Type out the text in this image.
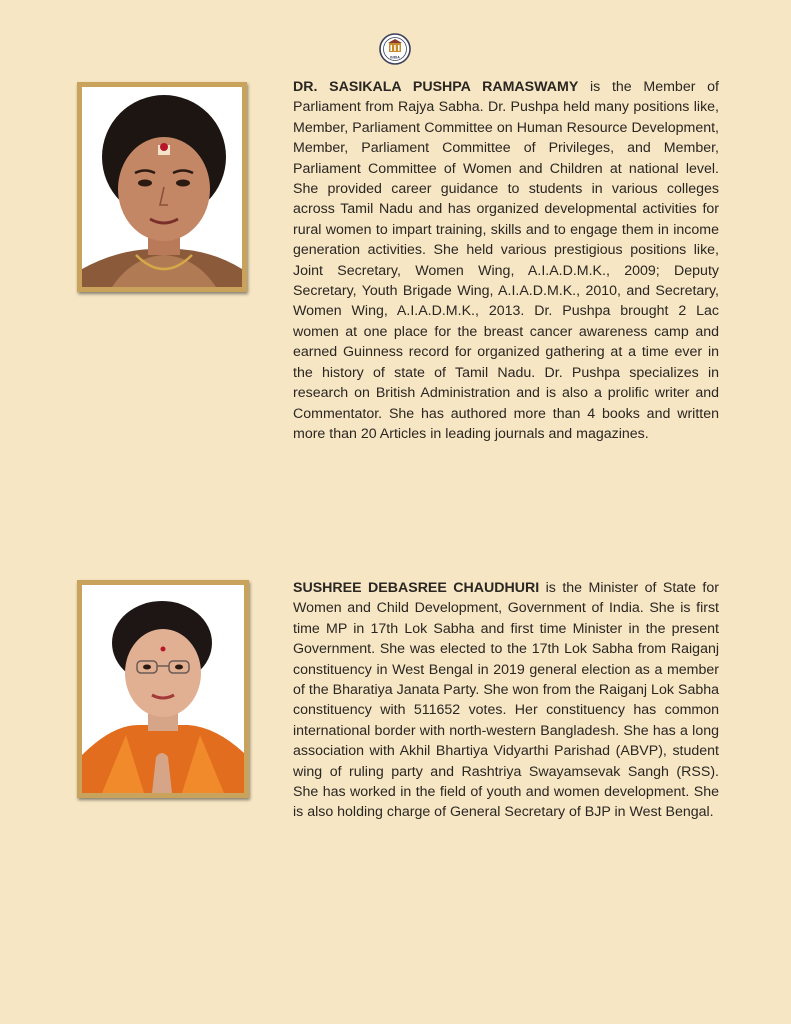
INDIA

DR. SASIKALA PUSHPA RAMASWAMY is the Member of Parliament from Rajya Sabha. Dr. Pushpa held many positions like, Member, Parliament Committee on Human Resource Development, Member, Parliament Committee of Privileges, and Member, Parliament Committee of Women and Children at national level. She provided career guidance to students in various colleges across Tamil Nadu and has organized developmental activities for rural women to impart training, skills and to engage them in income generation activities. She held various prestigious positions like, Joint Secretary, Women Wing, A.I.A.D.M.K., 2009; Deputy Secretary, Youth Brigade Wing, A.I.A.D.M.K., 2010, and Secretary, Women Wing, A.I.A.D.M.K., 2013. Dr. Pushpa brought 2 Lac women at one place for the breast cancer awareness camp and earned Guinness record for organized gathering at a time ever in the history of state of Tamil Nadu. Dr. Pushpa specializes in research on British Administration and is also a prolific writer and Commentator. She has authored more than 4 books and written more than 20 Articles in leading journals and magazines.

SUSHREE DEBASREE CHAUDHURI is the Minister of State for Women and Child Development, Government of India. She is first time MP in 17th Lok Sabha and first time Minister in the present Government. She was elected to the 17th Lok Sabha from Raiganj constituency in West Bengal in 2019 general election as a member of the Bharatiya Janata Party. She won from the Raiganj Lok Sabha constituency with 511652 votes. Her constituency has common international border with north-western Bangladesh. She has a long association with Akhil Bhartiya Vidyarthi Parishad (ABVP), student wing of ruling party and Rashtriya Swayamsevak Sangh (RSS). She has worked in the field of youth and women development. She is also holding charge of General Secretary of BJP in West Bengal.
